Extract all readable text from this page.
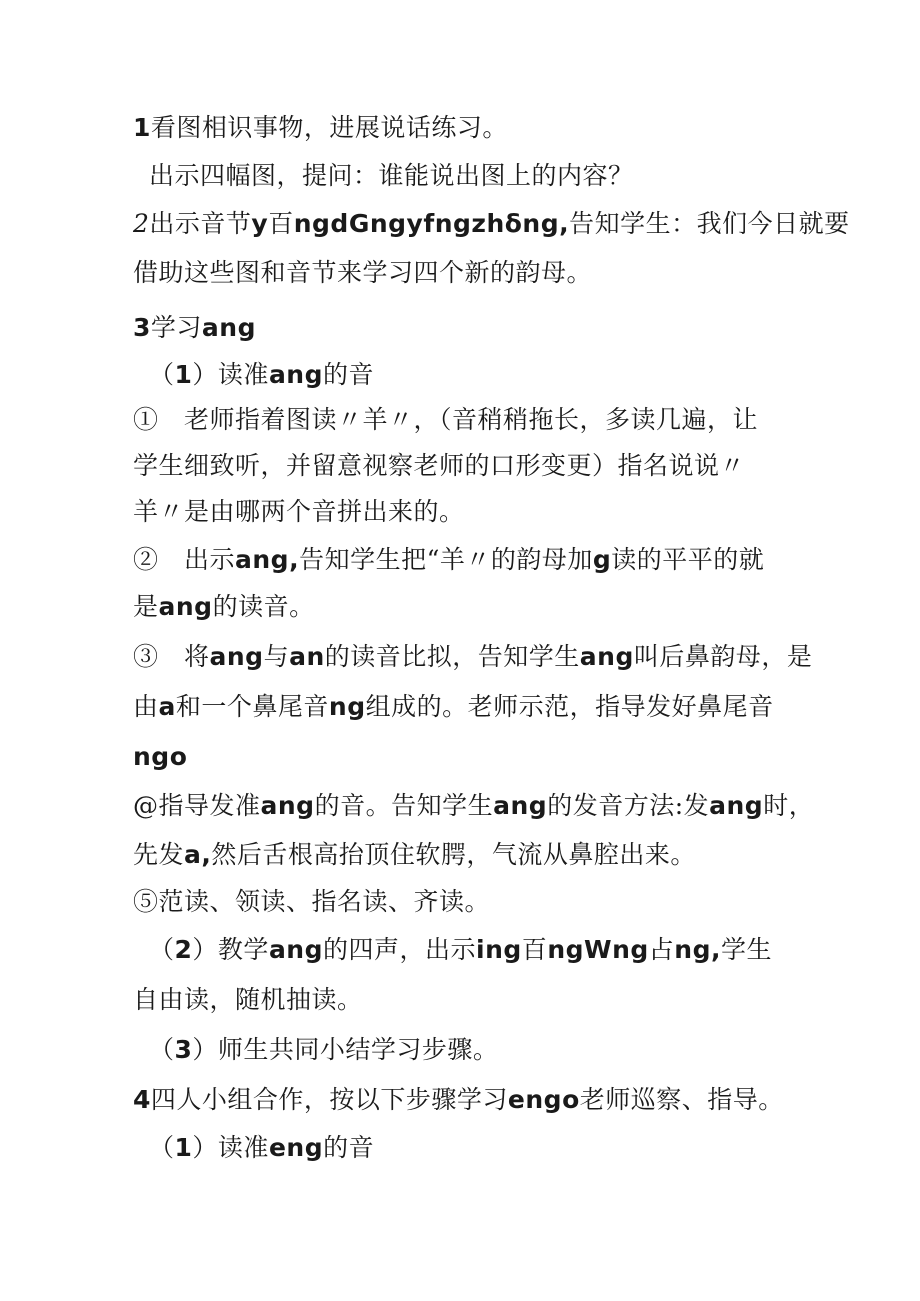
1看图相识事物，进展说话练习。
出示四幅图，提问：谁能说出图上的内容？
2出示音节y百ngdGngyfngzhδng,告知学生：我们今日就要
借助这些图和音节来学习四个新的韵母。
3学习ang
（1）读准ang的音
①　老师指着图读〃羊〃，（音稍稍拖长，多读几遍，让
学生细致听，并留意视察老师的口形变更）指名说说〃
羊〃是由哪两个音拼出来的。
②　出示ang,告知学生把“羊〃的韵母加g读的平平的就
是ang的读音。
③　将ang与an的读音比拟，告知学生ang叫后鼻韵母，是
由a和一个鼻尾音ng组成的。老师示范，指导发好鼻尾音
ngo
@指导发准ang的音。告知学生ang的发音方法:发ang时，
先发a,然后舌根高抬顶住软腭，气流从鼻腔出来。
⑤范读、领读、指名读、齐读。
（2）教学ang的四声，出示ing百ngWng占ng,学生
自由读，随机抽读。
（3）师生共同小结学习步骤。
4四人小组合作，按以下步骤学习engo老师巡察、指导。
（1）读准eng的音
